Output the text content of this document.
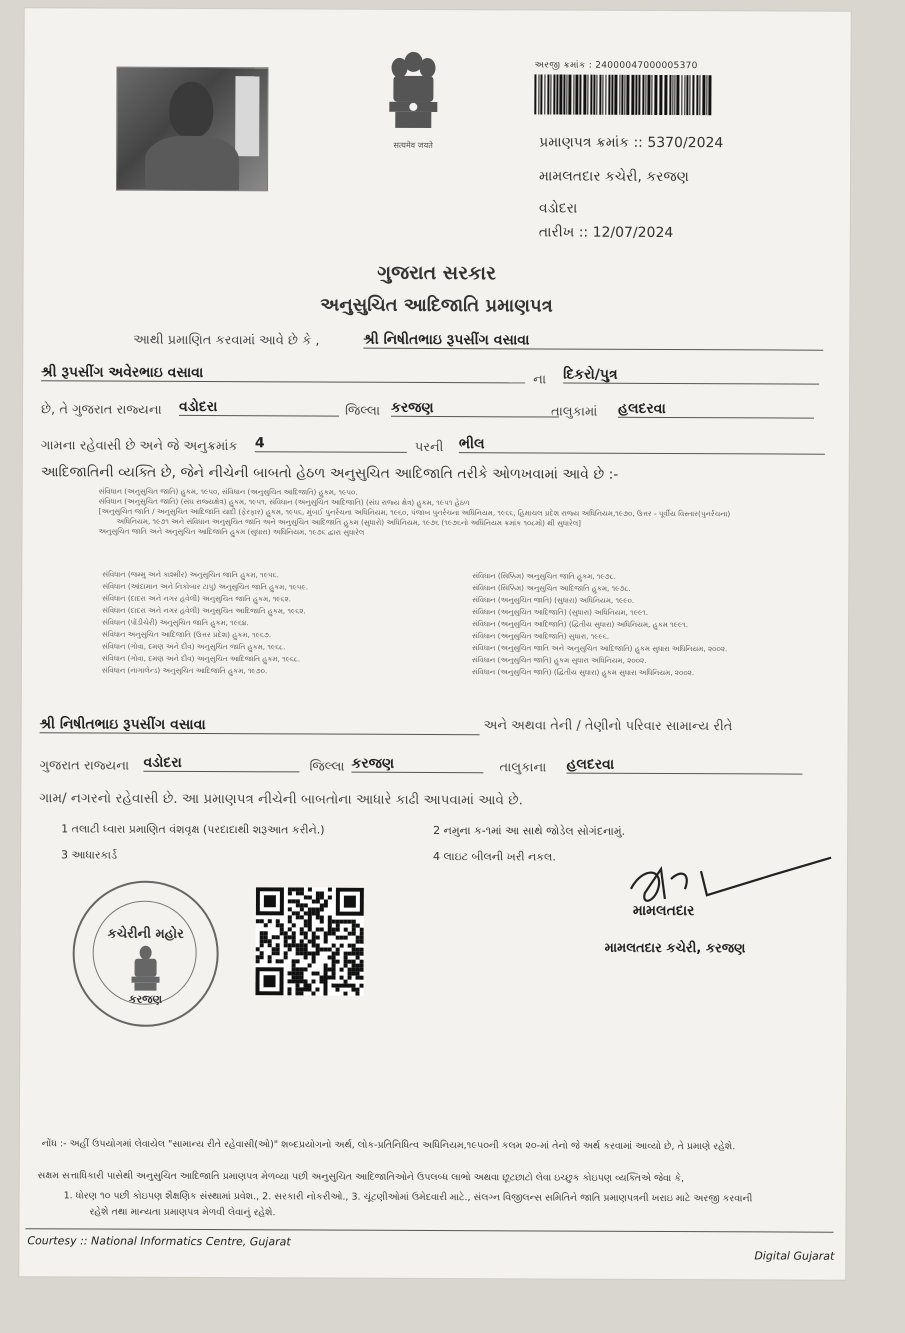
सत्यमेव जयते
અરજી ક્રમાંક : 24000047000005370
પ્રમાણપત્ર ક્રમાંક :: 5370/2024
મામલતદાર કચેરી, કરજણ
વડોદરા
તારીખ :: 12/07/2024
ગુજરાત સરકાર
અનુસુચિત આદિજાતિ પ્રમાણપત્ર
આથી પ્રમાણિત કરવામાં આવે છે કે ,	શ્રી નિષીતભાઇ રૂપસીંગ વસાવા
શ્રી રૂપસીંગ અવેરભાઇ વસાવા	ના દિકરો/પુત્ર
છે, તે ગુજરાત રાજ્યના વડોદરા	જિલ્લા કરજણ	તાલુકામાં હલદરવા
ગામના રહેવાસી છે અને જે અનુક્રમાંક 4	પરની ભીલ
આદિજાતિની વ્યક્તિ છે, જેને નીચેની બાબતો હેઠળ અનુસુચિત આદિજાતિ તરીકે ઓળખવામાં આવે છે :-
સંવિધાન (અનુસુચિત જાતિ) હુકમ, ૧૯૫૦, સંવિધાન (અનુસુચિત આદિજાતિ) હુકમ, ૧૯૫૦.
સંવિધાન (અનુસુચિત જાતિ) (સંઘ રાજ્યક્ષેત્ર) હુકમ, ૧૯૫૧, સંવિધાન (અનુસુચિત આદિજાતિ) (સંઘ રાજ્ય ક્ષેત્ર) હુકમ, ૧૯૫૧ હેઠળ
[અનુસુચિત જાતિ / અનુસુચિત આદિજાતિ યાદી (ફેરફાર) હુકમ, ૧૯૫૬, મુંબઈ પુનર્રચના અધિનિયમ, ૧૯૬૦, પંજાબ પુનર્રચના અધિનિયમ, ૧૯૬૬, હિમાચલ પ્રદેશ રાજ્ય અધિનિયમ,૧૯૭૦, ઉત્તર - પૂર્વીય વિસ્તાર(પુનર્રચના)
અધિનિયમ, ૧૯૭૧ અને સંવિધાન અનુસુચિત જાતિ અને અનુસુચિત આદિજાતિ હુકમ (સુધારો) અધિનિયમ, ૧૯૭૬ (૧૯૭૬નો અધિનિયમ ક્રમાંક ૧૦૮મો) થી સુધારેલ]
અનુસુચિત જાતિ અને અનુસુચિત આદિજાતિ હુકમ (સુધારા) અધિનિયમ, ૧૯૭૬ દ્વારા સુધારેલ
સંવિધાન (જમ્મુ અને કાશ્મીર) અનુસુચિત જાતિ હુકમ, ૧૯૫૬.
સંવિધાન (આંદામાન અને નિકોબાર ટાપુ) અનુસુચિત જાતિ હુકમ, ૧૯૫૯.
સંવિધાન (દાદરા અને નગર હવેલી) અનુસુચિત જાતિ હુકમ, ૧૯૬૨.
સંવિધાન (દાદરા અને નગર હવેલી) અનુસુચિત આદિજાતિ હુકમ, ૧૯૬૨.
સંવિધાન (પોંડીચેરી) અનુસુચિત જાતિ હુકમ, ૧૯૬૪.
સંવિધાન અનુસુચિત આદિજાતિ (ઉત્તર પ્રદેશ) હુકમ, ૧૯૬૭.
સંવિધાન (ગોવા, દમણ અને દીવ) અનુસુચિત જાતિ હુકમ, ૧૯૬૮.
સંવિધાન (ગોવા, દમણ અને દીવ) અનુસુચિત આદિજાતિ હુકમ, ૧૯૬૮.
સંવિધાન (નાગાલેન્ડ) અનુસુચિત આદિજાતિ હુકમ, ૧૯૭૦.
સંવિધાન (સિક્કિમ) અનુસુચિત જાતિ હુકમ, ૧૯૭૮.
સંવિધાન (સિક્કિમ) અનુસુચિત આદિજાતિ હુકમ, ૧૯૭૮.
સંવિધાન (અનુસુચિત જાતિ) (સુધારા) અધિનિયમ, ૧૯૯૦.
સંવિધાન (અનુસુચિત આદિજાતિ) (સુધારા) અધિનિયમ, ૧૯૯૧.
સંવિધાન (અનુસુચિત આદિજાતિ) (દ્વિતીય સુધારા) અધિનિયમ, હુકમ ૧૯૯૧.
સંવિધાન (અનુસુચિત આદિજાતિ) સુધારા, ૧૯૯૬.
સંવિધાન (અનુસુચિત જાતિ અને અનુસુચિત આદિજાતિ) હુકમ સુધારા અધિનિયમ, ૨૦૦૨.
સંવિધાન (અનુસુચિત જાતિ) હુકમ સુધારા અધિનિયમ, ૨૦૦૨.
સંવિધાન (અનુસુચિત જાતિ) (દ્વિતીય સુધારા) હુકમ સુધારા અધિનિયમ, ૨૦૦૨.
શ્રી નિષીતભાઇ રૂપસીંગ વસાવા	અને અથવા તેની / તેણીનો પરિવાર સામાન્ય રીતે
ગુજરાત રાજ્યના વડોદરા	જિલ્લા કરજણ	તાલુકાના હલદરવા
ગામ/ નગરનો રહેવાસી છે. આ પ્રમાણપત્ર નીચેની બાબતોના આધારે કાઢી આપવામાં આવે છે.
1 તલાટી ધ્વારા પ્રમાણિત વંશવૃક્ષ (પરદાદાથી શરૂઆત કરીને.)	2 નમુના ક-૧માં આ સાથે જોડેલ સોગંદનામું.
3 આધારકાર્ડ	4 લાઇટ બીલની ખરી નકલ.
કચેરીની મહોર
કરજણ
મામલતદાર
મામલતદાર કચેરી, કરજણ
નોંધ :- અહીં ઉપયોગમાં લેવાયેલ "સામાન્ય રીતે રહેવાસી(ઓ)" શબ્દપ્રયોગનો અર્થ, લોક-પ્રતિનિધિત્વ અધિનિયમ,૧૯૫૦ની કલમ ૨૦-માં તેનો જે અર્થ કરવામાં આવ્યો છે, તે પ્રમાણે રહેશે.
સક્ષમ સત્તાધિકારી પાસેથી અનુસુચિત આદિજાતિ પ્રમાણપત્ર મેળવ્યા પછી અનુસુચિત આદિજાતિઓને ઉપલબ્ધ લાભો અથવા છૂટછાટો લેવા ઇચ્છુક કોઇપણ વ્યક્તિએ જેવા કે,
1. ધોરણ ૧૦ પછી કોઇપણ શૈક્ષણિક સંસ્થામાં પ્રવેશ., 2. સરકારી નોકરીઓ., 3. ચૂંટણીઓમાં ઉમેદવારી માટે., સંલગ્ન વિજીલન્સ સમિતિને જાતિ પ્રમાણપત્રની ખરાઇ માટે અરજી કરવાની
રહેશે તથા માન્યતા પ્રમાણપત્ર મેળવી લેવાનું રહેશે.
Courtesy :: National Informatics Centre, Gujarat
Digital Gujarat
